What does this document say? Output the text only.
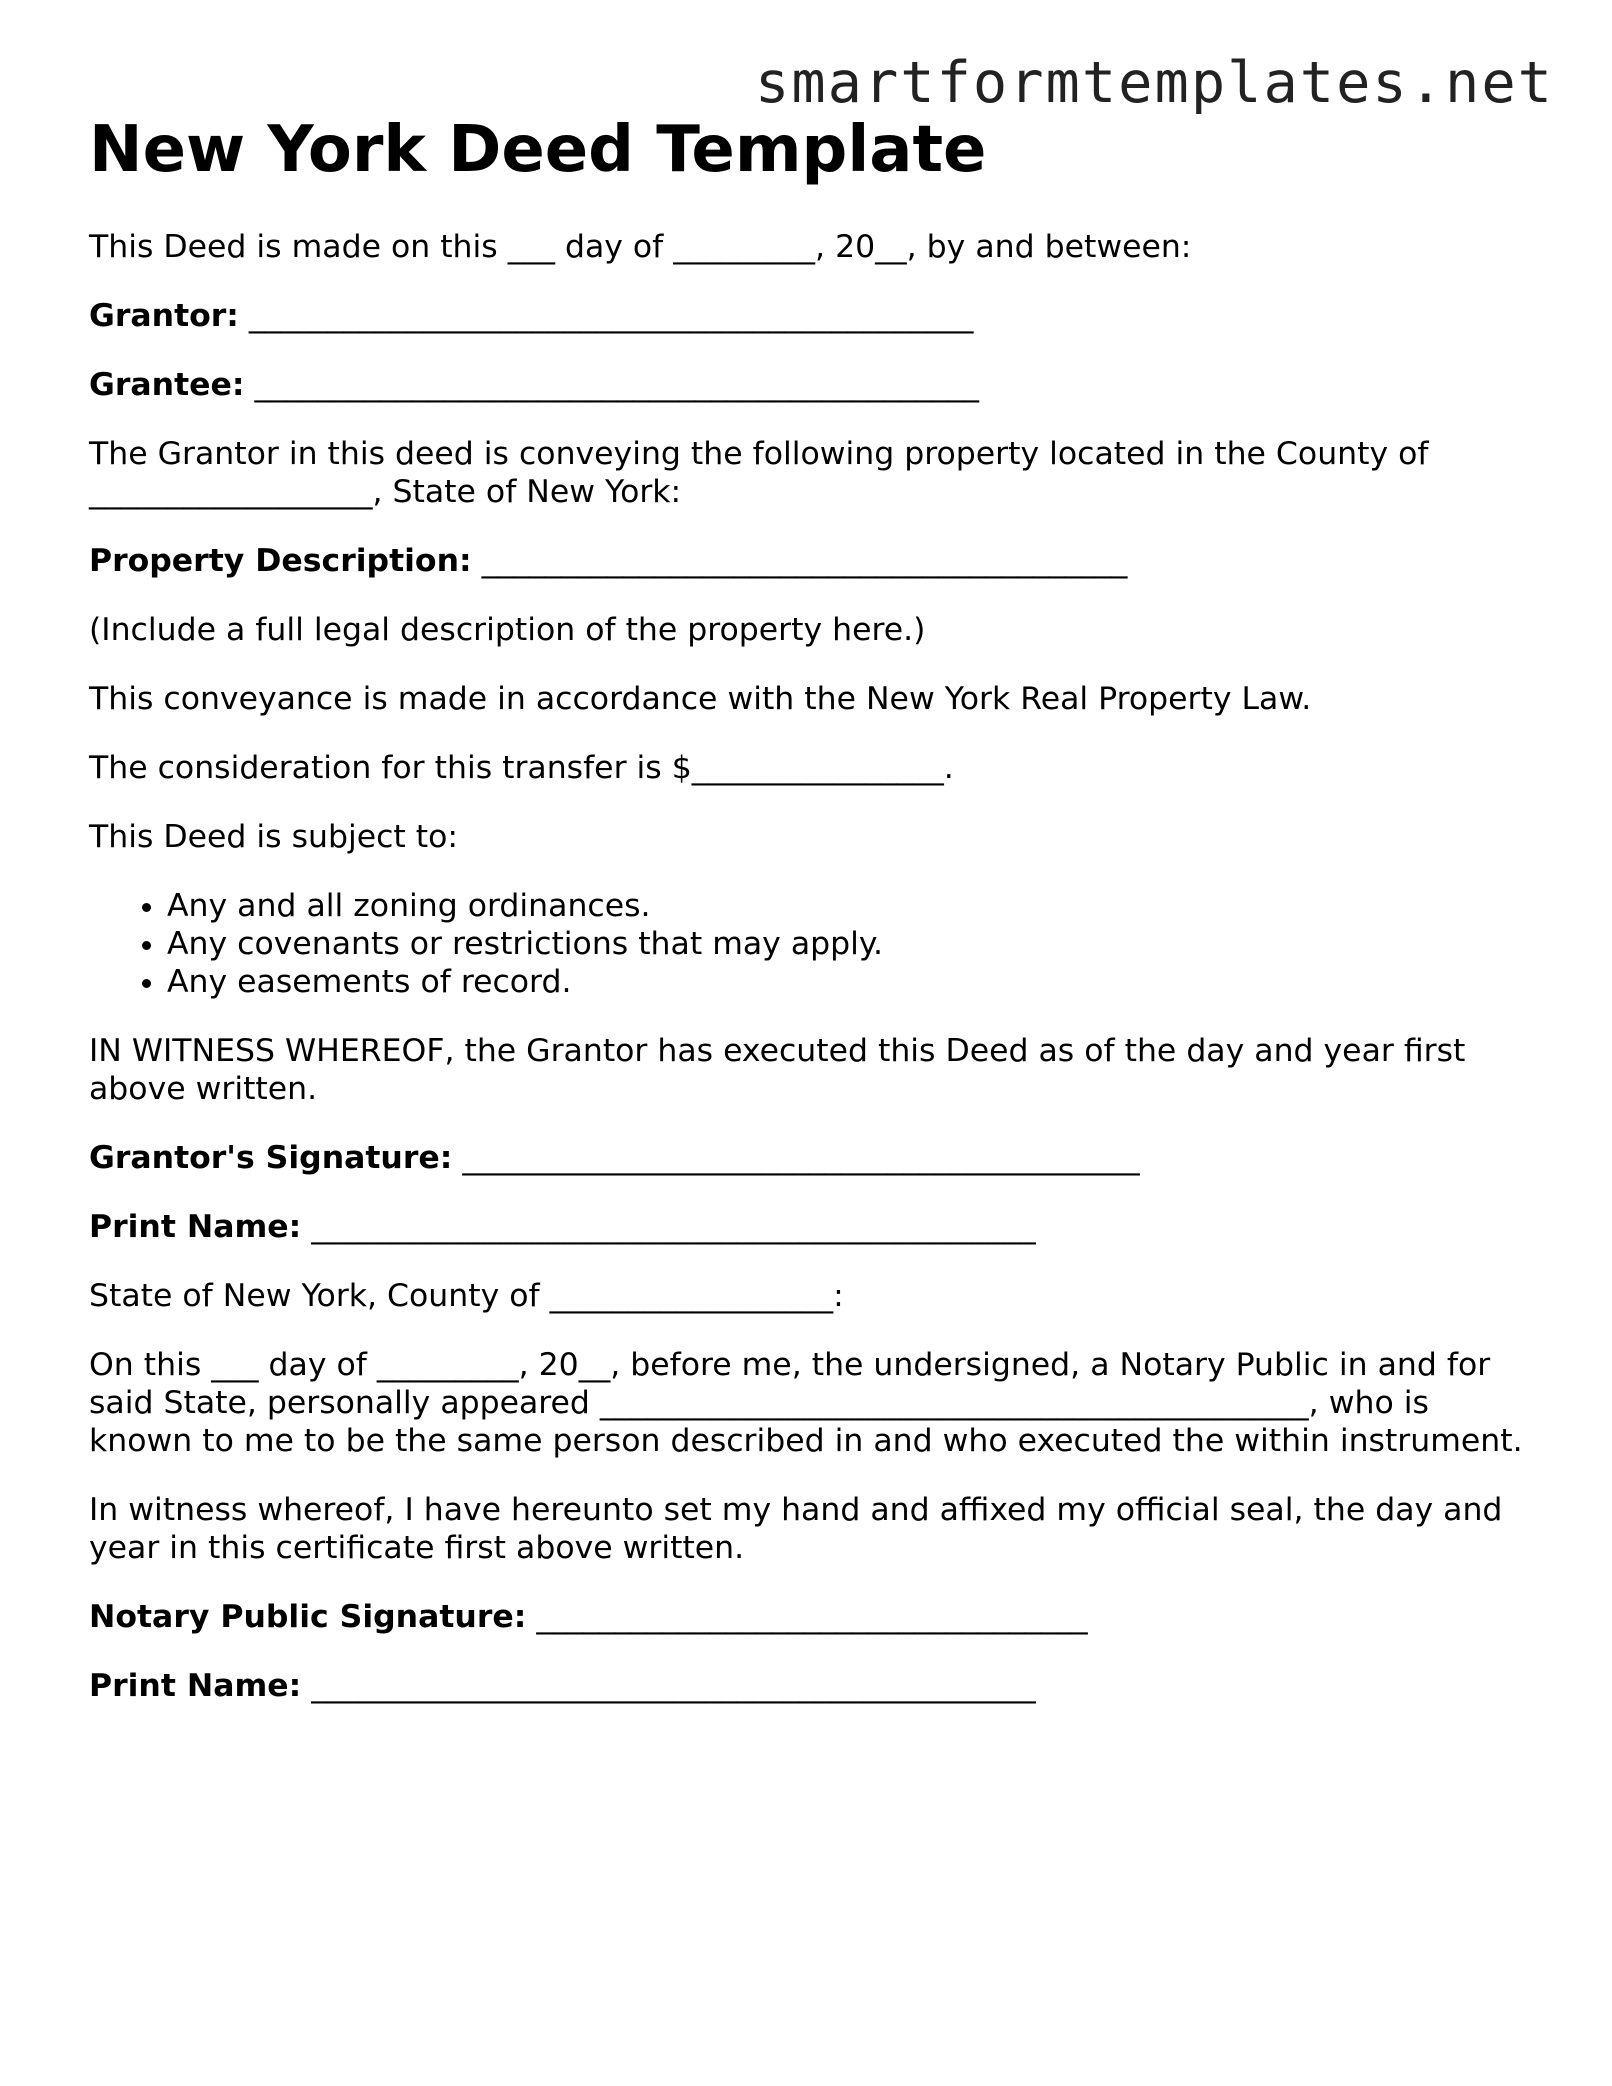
smartformtemplates.net
New York Deed Template

This Deed is made on this ___ day of _________, 20__, by and between:

Grantor: ______________________________________________

Grantee: ______________________________________________

The Grantor in this deed is conveying the following property located in the County of __________________, State of New York:

Property Description: _________________________________________

(Include a full legal description of the property here.)

This conveyance is made in accordance with the New York Real Property Law.

The consideration for this transfer is $________________.

This Deed is subject to:

• Any and all zoning ordinances.
• Any covenants or restrictions that may apply.
• Any easements of record.

IN WITNESS WHEREOF, the Grantor has executed this Deed as of the day and year first above written.

Grantor's Signature: ___________________________________________

Print Name: ______________________________________________

State of New York, County of __________________:

On this ___ day of _________, 20__, before me, the undersigned, a Notary Public in and for said State, personally appeared _____________________________________________, who is known to me to be the same person described in and who executed the within instrument.

In witness whereof, I have hereunto set my hand and affixed my official seal, the day and year in this certificate first above written.

Notary Public Signature: ___________________________________

Print Name: ______________________________________________
